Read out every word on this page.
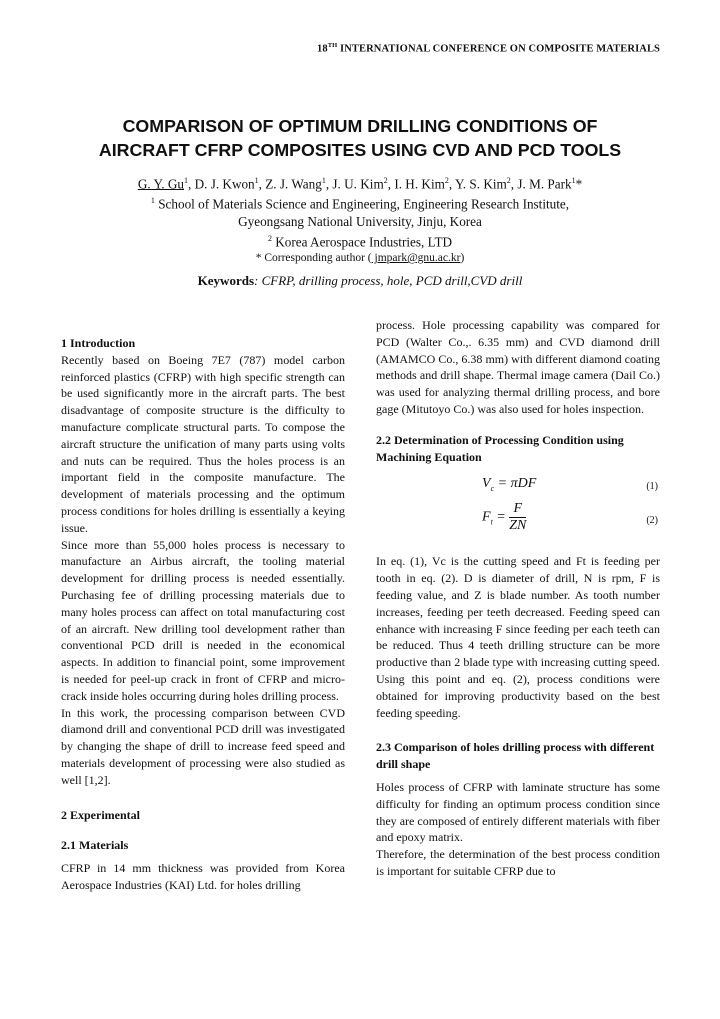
18TH INTERNATIONAL CONFERENCE ON COMPOSITE MATERIALS
COMPARISON OF OPTIMUM DRILLING CONDITIONS OF
AIRCRAFT CFRP COMPOSITES USING CVD AND PCD TOOLS
G. Y. Gu$^1$, D. J. Kwon$^1$, Z. J. Wang$^1$, J. U. Kim$^2$, I. H. Kim$^2$, Y. S. Kim$^2$, J. M. Park$^1$*
$^1$ School of Materials Science and Engineering, Engineering Research Institute,
Gyeongsang National University, Jinju, Korea
$^2$ Korea Aerospace Industries, LTD
* Corresponding author ( jmpark@gnu.ac.kr)
Keywords: CFRP, drilling process, hole, PCD drill,CVD drill
1 Introduction

Recently based on Boeing 7E7 (787) model carbon reinforced plastics (CFRP) with high specific strength can be used significantly more in the aircraft parts. The best disadvantage of composite structure is the difficulty to manufacture complicate structural parts. To compose the aircraft structure the unification of many parts using volts and nuts can be required. Thus the holes process is an important field in the composite manufacture. The development of materials processing and the optimum process conditions for holes drilling is essentially a keying issue.

Since more than 55,000 holes process is necessary to manufacture an Airbus aircraft, the tooling material development for drilling process is needed essentially. Purchasing fee of drilling processing materials due to many holes process can affect on total manufacturing cost of an aircraft. New drilling tool development rather than conventional PCD drill is needed in the economical aspects. In addition to financial point, some improvement is needed for peel-up crack in front of CFRP and micro-crack inside holes occurring during holes drilling process.

In this work, the processing comparison between CVD diamond drill and conventional PCD drill was investigated by changing the shape of drill to increase feed speed and materials development of processing were also studied as well [1,2].

2 Experimental
2.1 Materials

CFRP in 14 mm thickness was provided from Korea Aerospace Industries (KAI) Ltd. for holes drilling

process. Hole processing capability was compared for PCD (Walter Co.,. 6.35 mm) and CVD diamond drill (AMAMCO Co., 6.38 mm) with different diamond coating methods and drill shape. Thermal image camera (Dail Co.) was used for analyzing thermal drilling process, and bore gage (Mitutoyo Co.) was also used for holes inspection.

2.2 Determination of Processing Condition using Machining Equation
$V_c = \pi DF$	(1)
$F_t = \frac{F}{ZN}$	(2)

In eq. (1), Vc is the cutting speed and Ft is feeding per tooth in eq. (2). D is diameter of drill, N is rpm, F is feeding value, and Z is blade number. As tooth number increases, feeding per teeth decreased. Feeding speed can enhance with increasing F since feeding per each teeth can be reduced. Thus 4 teeth drilling structure can be more productive than 2 blade type with increasing cutting speed. Using this point and eq. (2), process conditions were obtained for improving productivity based on the best feeding speeding.

2.3 Comparison of holes drilling process with different drill shape

Holes process of CFRP with laminate structure has some difficulty for finding an optimum process condition since they are composed of entirely different materials with fiber and epoxy matrix.

Therefore, the determination of the best process condition is important for suitable CFRP due to
